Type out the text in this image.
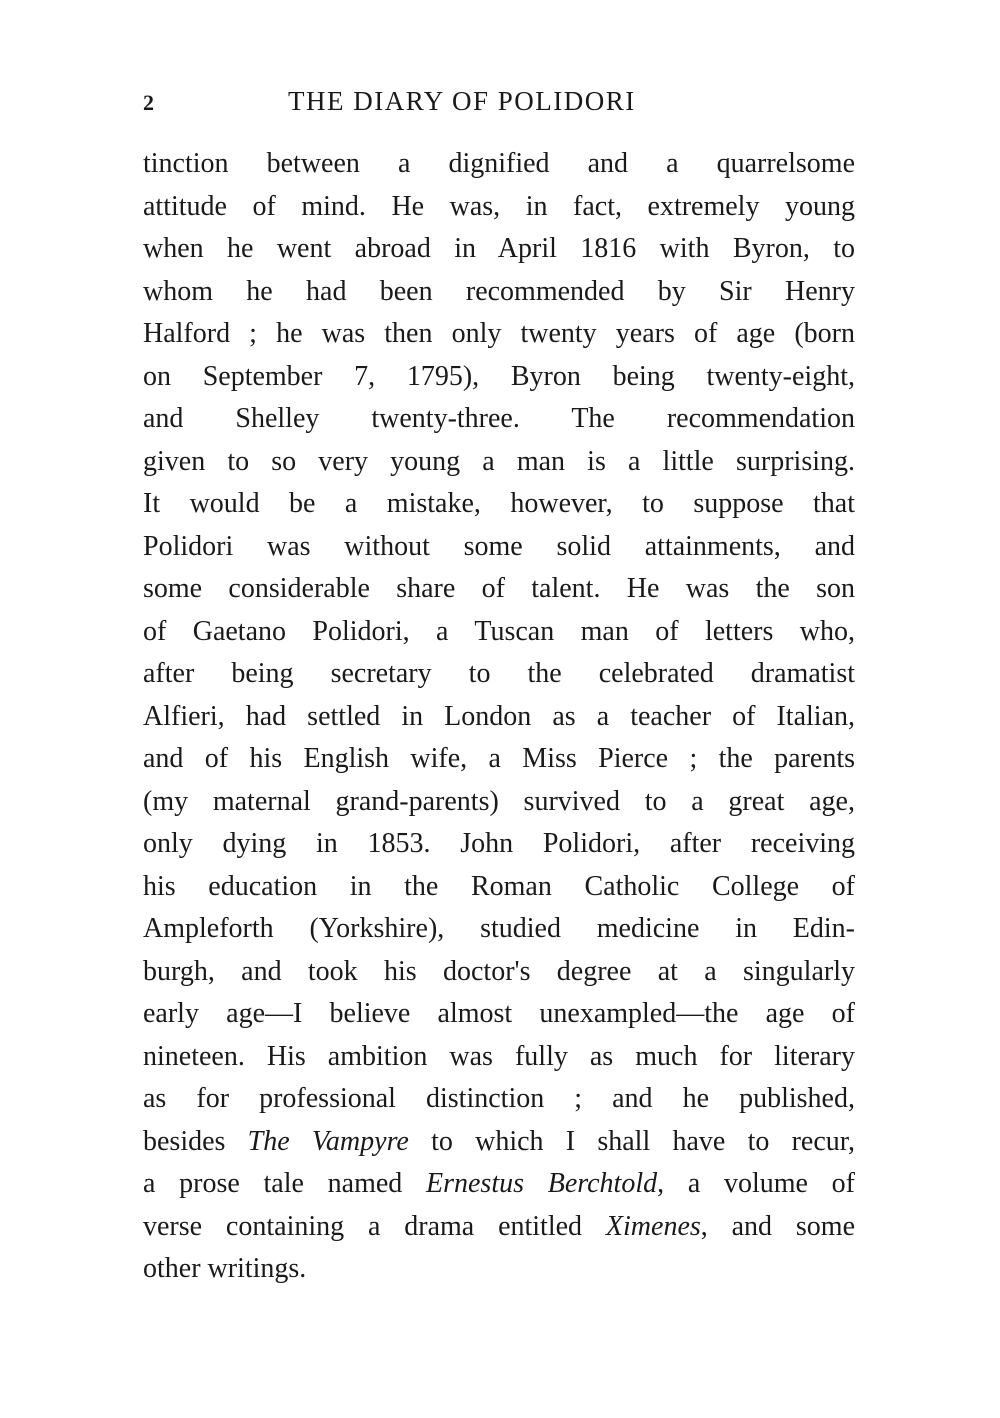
2	THE DIARY OF POLIDORI
tinction between a dignified and a quarrelsome
attitude of mind. He was, in fact, extremely young
when he went abroad in April 1816 with Byron, to
whom he had been recommended by Sir Henry
Halford ; he was then only twenty years of age (born
on September 7, 1795), Byron being twenty-eight,
and Shelley twenty-three. The recommendation
given to so very young a man is a little surprising.
It would be a mistake, however, to suppose that
Polidori was without some solid attainments, and
some considerable share of talent. He was the son
of Gaetano Polidori, a Tuscan man of letters who,
after being secretary to the celebrated dramatist
Alfieri, had settled in London as a teacher of Italian,
and of his English wife, a Miss Pierce ; the parents
(my maternal grand-parents) survived to a great age,
only dying in 1853. John Polidori, after receiving
his education in the Roman Catholic College of
Ampleforth (Yorkshire), studied medicine in Edin-
burgh, and took his doctor's degree at a singularly
early age—I believe almost unexampled—the age of
nineteen. His ambition was fully as much for literary
as for professional distinction ; and he published,
besides The Vampyre to which I shall have to recur,
a prose tale named Ernestus Berchtold, a volume of
verse containing a drama entitled Ximenes, and some
other writings.
